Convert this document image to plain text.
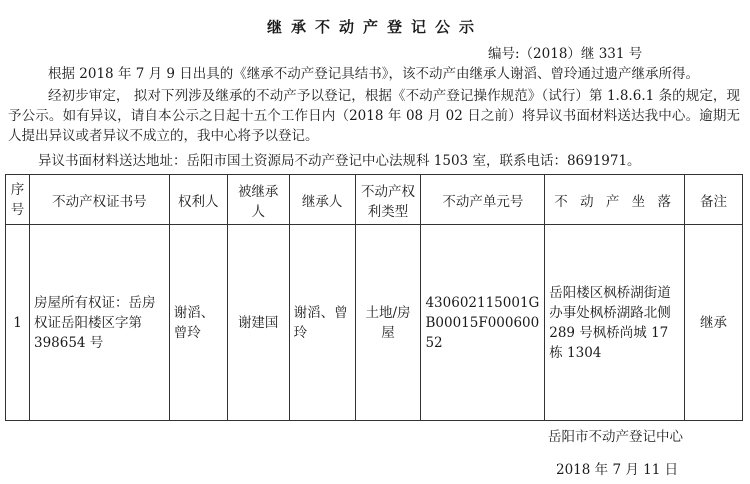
继承不动产登记公示
编号:（2018）继 331 号
根据 2018 年 7 月 9 日出具的《继承不动产登记具结书》，该不动产由继承人谢滔、曾玲通过遗产继承所得。
经初步审定， 拟对下列涉及继承的不动产予以登记，根据《不动产登记操作规范》（试行）第 1.8.6.1 条的规定，现予公示。如有异议，请自本公示之日起十五个工作日内（2018 年 08 月 02 日之前）将异议书面材料送达我中心。逾期无人提出异议或者异议不成立的，我中心将予以登记。
异议书面材料送达地址：岳阳市国土资源局不动产登记中心法规科 1503 室，联系电话：8691971。
序号	不动产权证书号	权利人	被继承人	继承人	不动产权利类型	不动产单元号	不 动 产 坐 落	备注
1	房屋所有权证：岳房权证岳阳楼区字第 398654 号	谢滔、曾玲	谢建国	谢滔、曾玲	土地/房屋	430602115001GB00015F00060052	岳阳楼区枫桥湖街道办事处枫桥湖路北侧 289 号枫桥尚城 17 栋 1304	继承
岳阳市不动产登记中心
2018 年 7 月 11 日
